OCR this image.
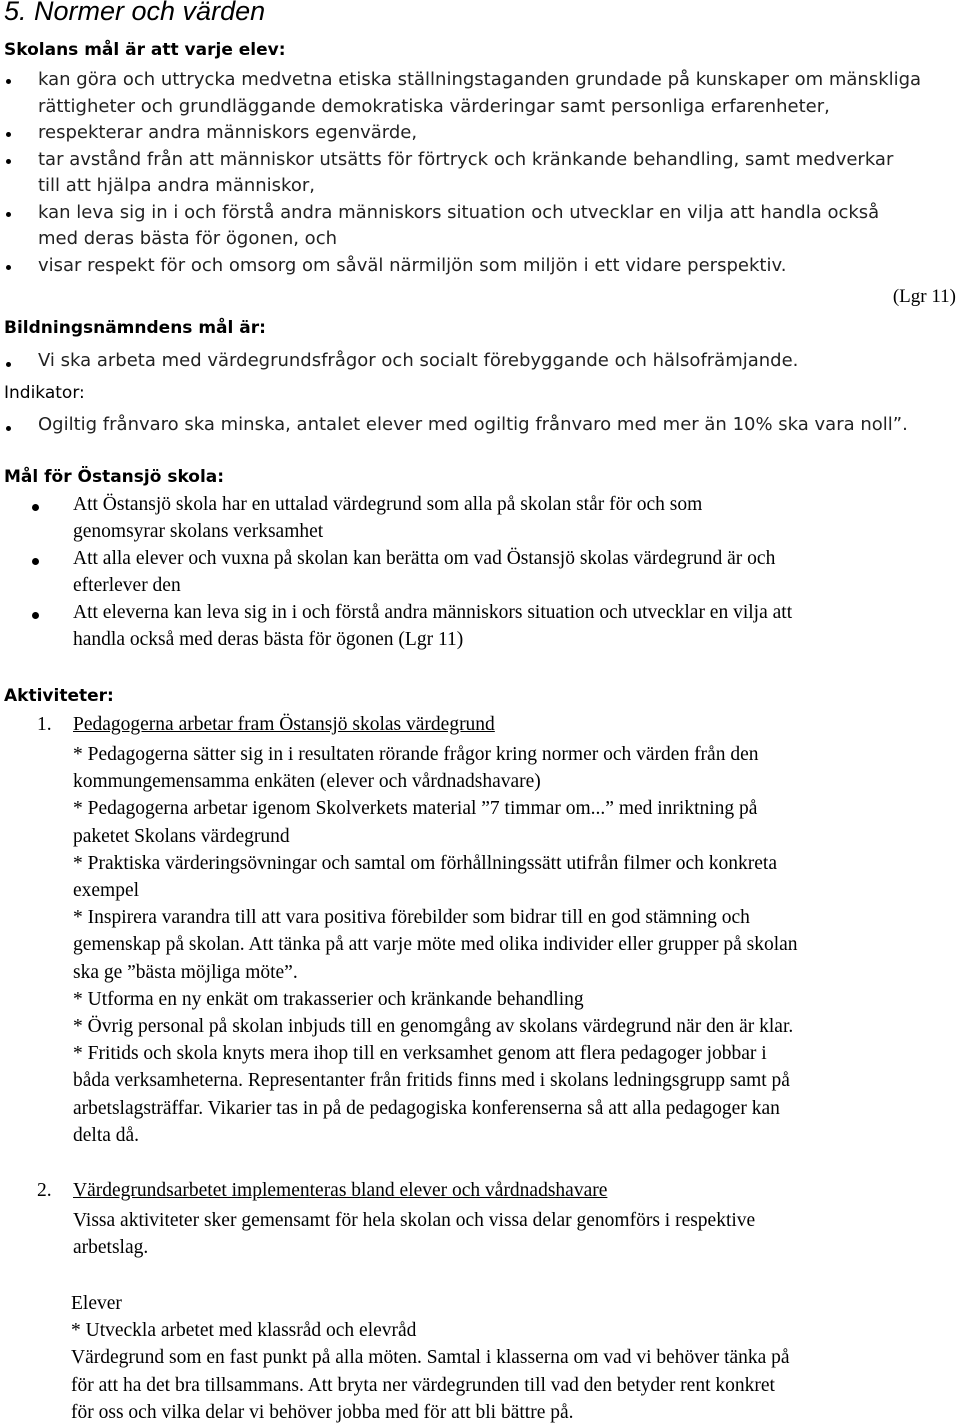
5. Normer och värden
Skolans mål är att varje elev:
kan göra och uttrycka medvetna etiska ställningstaganden grundade på kunskaper om mänskliga
rättigheter och grundläggande demokratiska värderingar samt personliga erfarenheter,
respekterar andra människors egenvärde,
tar avstånd från att människor utsätts för förtryck och kränkande behandling, samt medverkar
till att hjälpa andra människor,
kan leva sig in i och förstå andra människors situation och utvecklar en vilja att handla också
med deras bästa för ögonen, och
visar respekt för och omsorg om såväl närmiljön som miljön i ett vidare perspektiv.
(Lgr 11)
Bildningsnämndens mål är:
Vi ska arbeta med värdegrundsfrågor och socialt förebyggande och hälsofrämjande.
Indikator:
Ogiltig frånvaro ska minska, antalet elever med ogiltig frånvaro med mer än 10% ska vara noll”.
Mål för Östansjö skola:
Att Östansjö skola har en uttalad värdegrund som alla på skolan står för och som
genomsyrar skolans verksamhet
Att alla elever och vuxna på skolan kan berätta om vad Östansjö skolas värdegrund är och
efterlever den
Att eleverna kan leva sig in i och förstå andra människors situation och utvecklar en vilja att
handla också med deras bästa för ögonen (Lgr 11)
Aktiviteter:
1. Pedagogerna arbetar fram Östansjö skolas värdegrund
* Pedagogerna sätter sig in i resultaten rörande frågor kring normer och värden från den
kommungemensamma enkäten (elever och vårdnadshavare)
* Pedagogerna arbetar igenom Skolverkets material ”7 timmar om...” med inriktning på
paketet Skolans värdegrund
* Praktiska värderingsövningar och samtal om förhållningssätt utifrån filmer och konkreta
exempel
* Inspirera varandra till att vara positiva förebilder som bidrar till en god stämning och
gemenskap på skolan. Att tänka på att varje möte med olika individer eller grupper på skolan
ska ge ”bästa möjliga möte”.
* Utforma en ny enkät om trakasserier och kränkande behandling
* Övrig personal på skolan inbjuds till en genomgång av skolans värdegrund när den är klar.
* Fritids och skola knyts mera ihop till en verksamhet genom att flera pedagoger jobbar i
båda verksamheterna. Representanter från fritids finns med i skolans ledningsgrupp samt på
arbetslagsträffar. Vikarier tas in på de pedagogiska konferenserna så att alla pedagoger kan
delta då.
2. Värdegrundsarbetet implementeras bland elever och vårdnadshavare
Vissa aktiviteter sker gemensamt för hela skolan och vissa delar genomförs i respektive
arbetslag.
Elever
* Utveckla arbetet med klassråd och elevråd
Värdegrund som en fast punkt på alla möten. Samtal i klasserna om vad vi behöver tänka på
för att ha det bra tillsammans. Att bryta ner värdegrunden till vad den betyder rent konkret
för oss och vilka delar vi behöver jobba med för att bli bättre på.
